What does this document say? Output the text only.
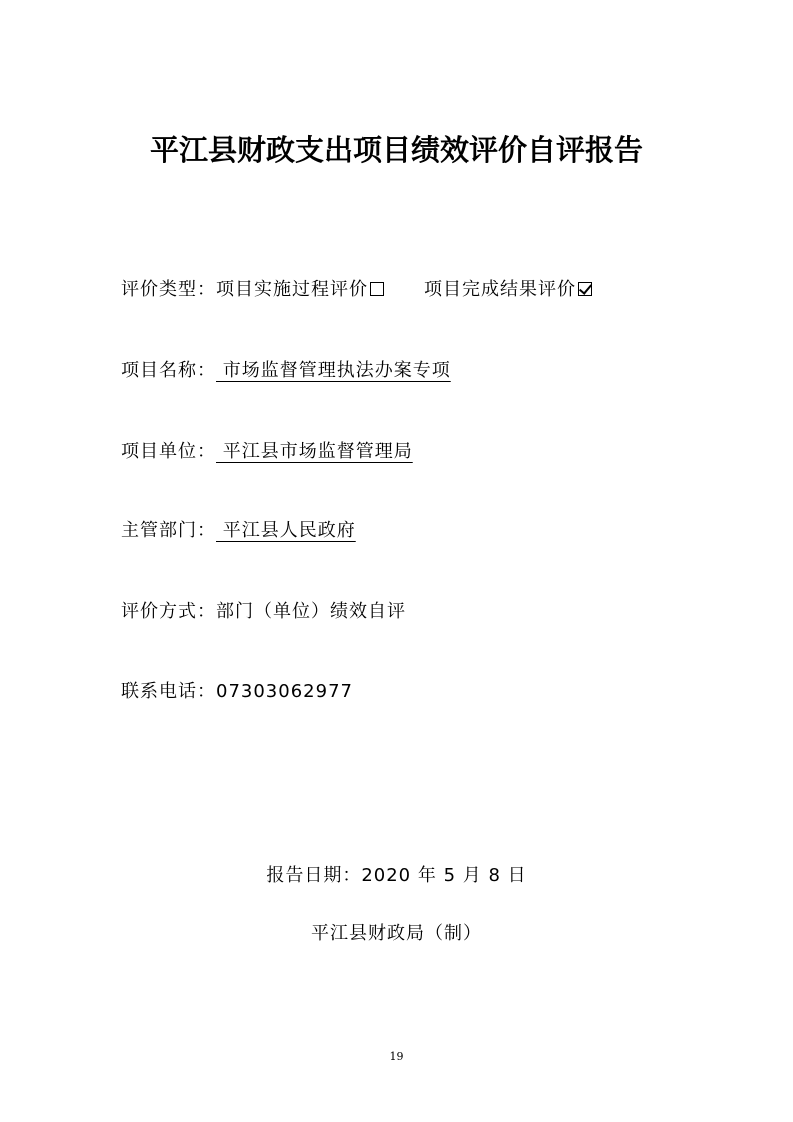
平江县财政支出项目绩效评价自评报告
评价类型：项目实施过程评价	项目完成结果评价
项目名称： 市场监督管理执法办案专项
项目单位： 平江县市场监督管理局
主管部门： 平江县人民政府
评价方式：部门（单位）绩效自评
联系电话：07303062977
报告日期：2020 年 5 月 8 日
平江县财政局（制）
19
